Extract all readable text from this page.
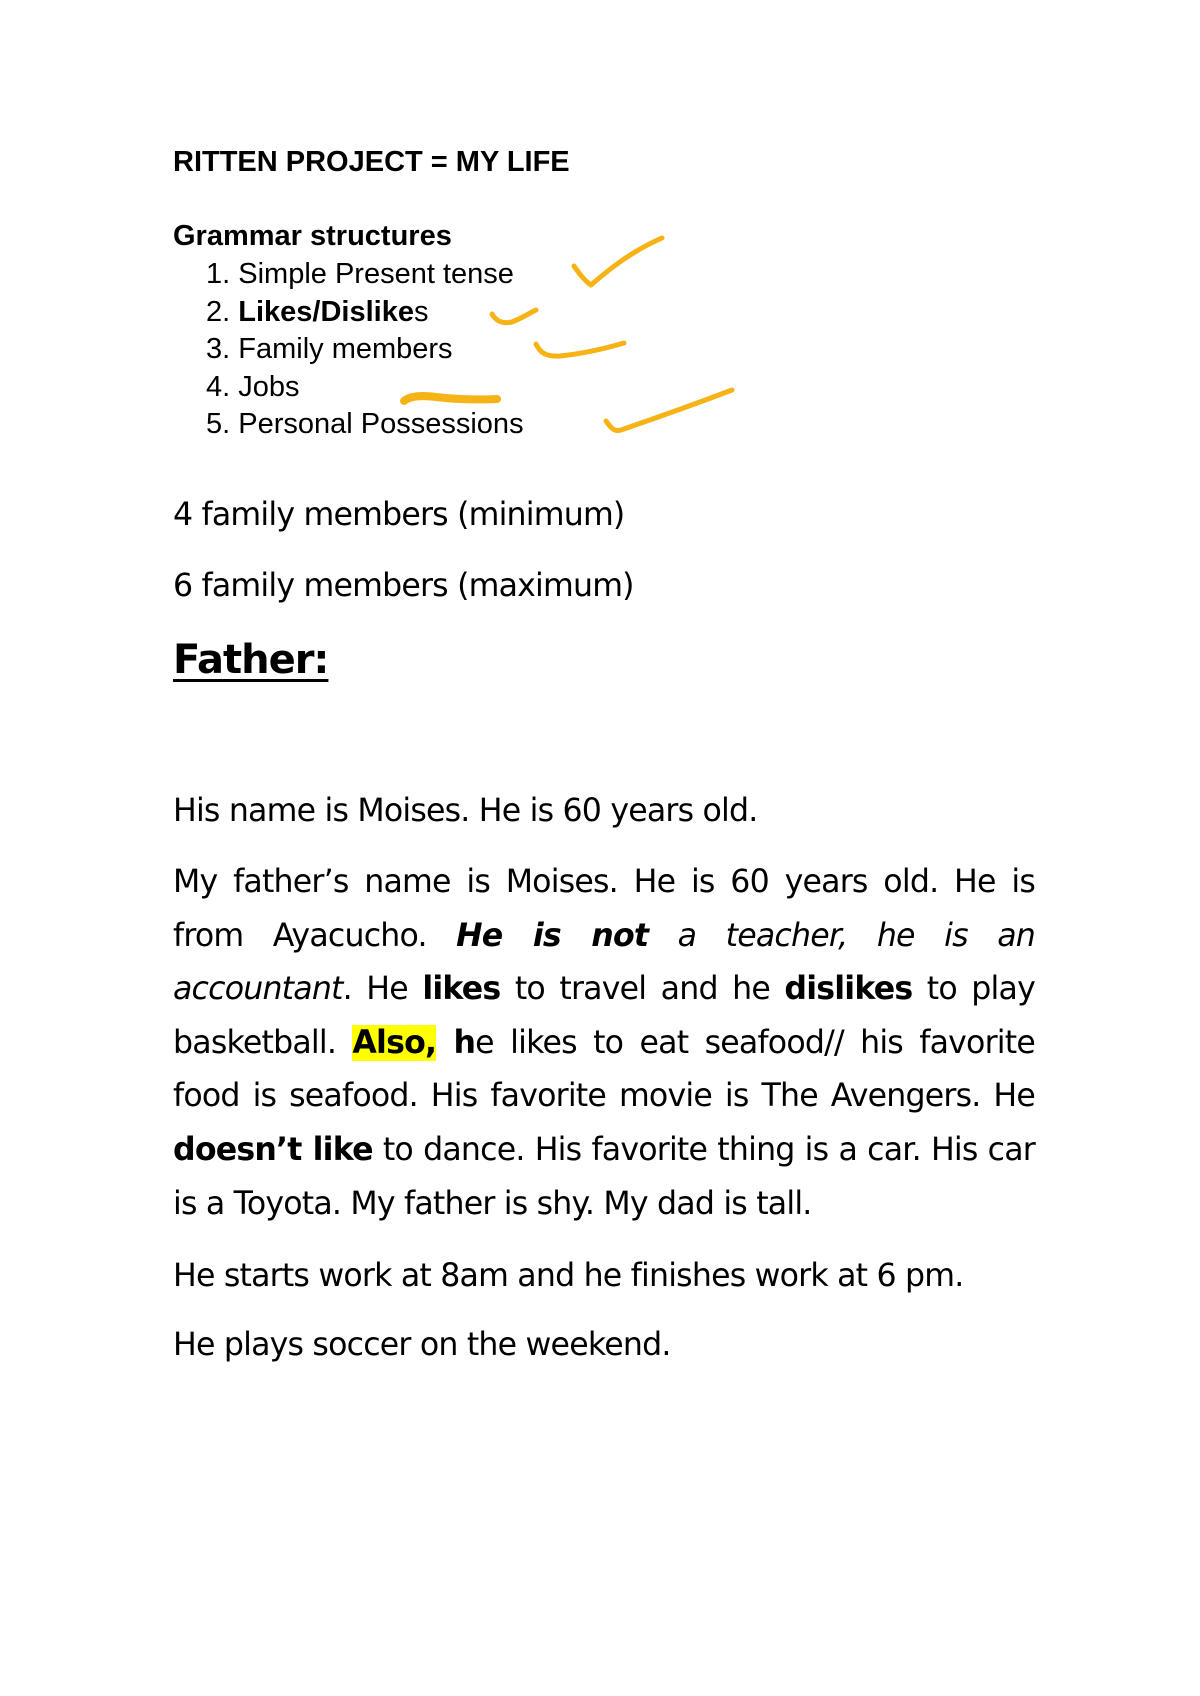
RITTEN PROJECT = MY LIFE

Grammar structures

1. Simple Present tense
2. Likes/Dislikes
3. Family members
4. Jobs
5. Personal Possessions

4 family members (minimum)

6 family members (maximum)

Father:

His name is Moises. He is 60 years old.

My father’s name is Moises. He is 60 years old. He is from Ayacucho. He is not a teacher, he is an accountant. He likes to travel and he dislikes to play basketball. Also, he likes to eat seafood// his favorite food is seafood. His favorite movie is The Avengers. He doesn’t like to dance. His favorite thing is a car. His car is a Toyota. My father is shy. My dad is tall.

He starts work at 8am and he finishes work at 6 pm.

He plays soccer on the weekend.
